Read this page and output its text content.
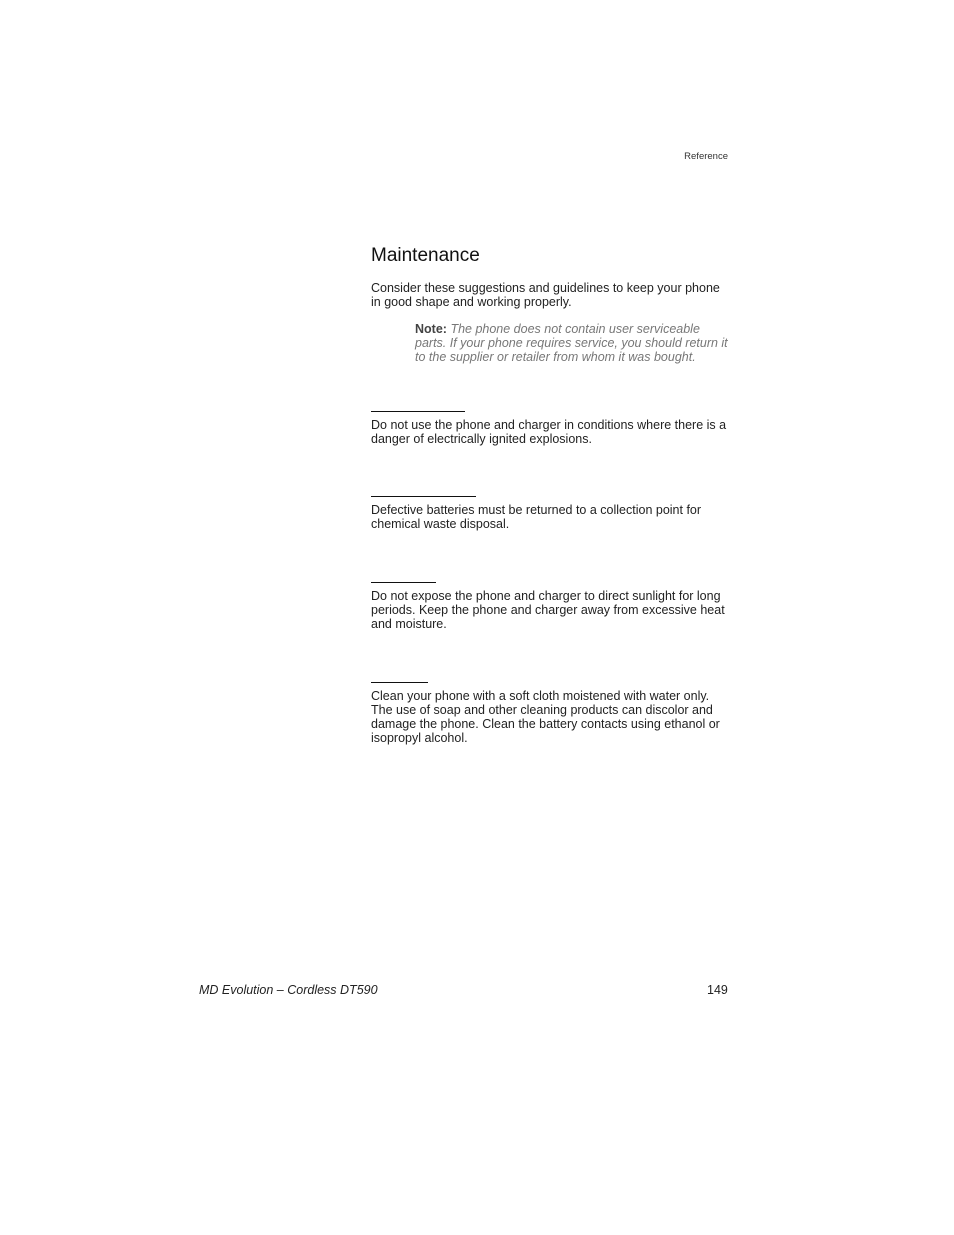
Reference
Maintenance

Consider these suggestions and guidelines to keep your phone in good shape and working properly.

Note: The phone does not contain user serviceable parts. If your phone requires service, you should return it to the supplier or retailer from whom it was bought.

Do not use the phone and charger in conditions where there is a danger of electrically ignited explosions.

Defective batteries must be returned to a collection point for chemical waste disposal.

Do not expose the phone and charger to direct sunlight for long periods. Keep the phone and charger away from excessive heat and moisture.

Clean your phone with a soft cloth moistened with water only. The use of soap and other cleaning products can discolor and damage the phone. Clean the battery contacts using ethanol or isopropyl alcohol.

MD Evolution – Cordless DT590	149
